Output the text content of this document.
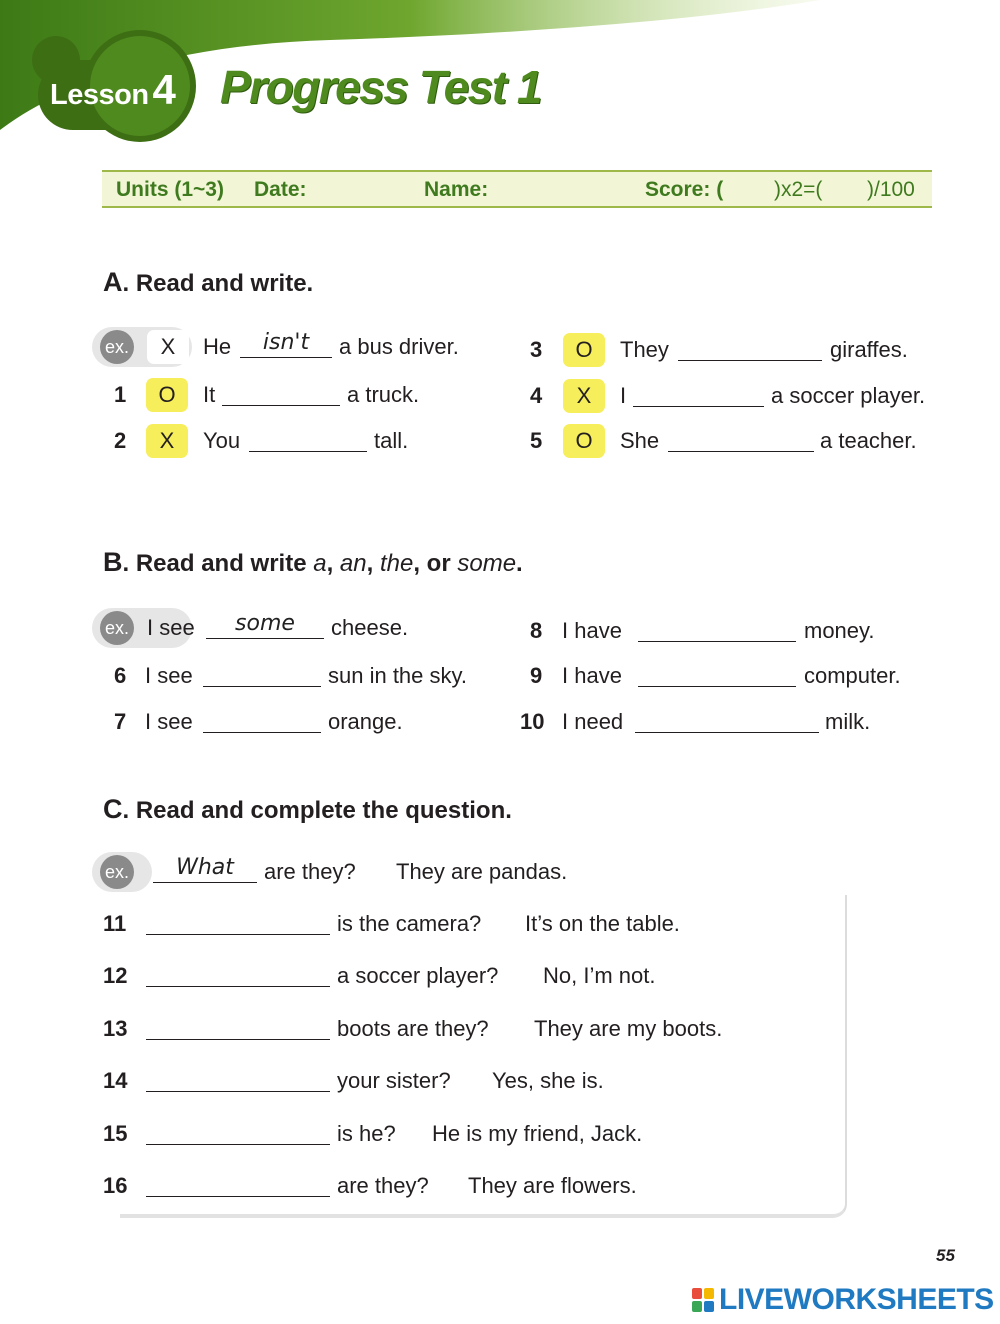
Lesson4 Progress Test 1
Units (1~3) Date:	Name:	Score: ( )x2=( )/100
A. Read and write.
ex.	X	He	isn't	a bus driver.
1	O	It	a truck.
2	X	You	tall.
3	O	They	giraffes.
4	X	I	a soccer player.
5	O	She	a teacher.
B. Read and write a, an, the, or some.
ex. I see	some	cheese.
6 I see	sun in the sky.
7 I see	orange.
8 I have	money.
9 I have	computer.
10 I need	milk.
C. Read and complete the question.
ex.	What	are they? They are pandas.
11	is the camera? It’s on the table.
12	a soccer player? No, I’m not.
13	boots are they? They are my boots.
14	your sister? Yes, she is.
15	is he? He is my friend, Jack.
16	are they? They are flowers.
55
LIVEWORKSHEETS
